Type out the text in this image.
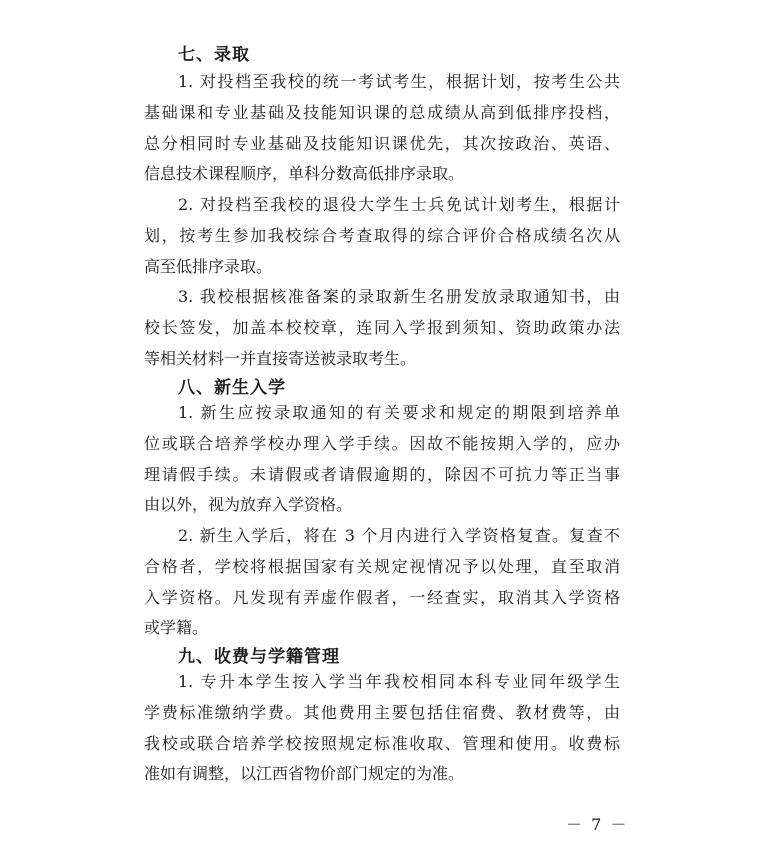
七、录取

1. 对投档至我校的统一考试考生，根据计划，按考生公共
基础课和专业基础及技能知识课的总成绩从高到低排序投档，
总分相同时专业基础及技能知识课优先，其次按政治、英语、
信息技术课程顺序，单科分数高低排序录取。

2. 对投档至我校的退役大学生士兵免试计划考生，根据计
划，按考生参加我校综合考查取得的综合评价合格成绩名次从
高至低排序录取。

3. 我校根据核准备案的录取新生名册发放录取通知书，由
校长签发，加盖本校校章，连同入学报到须知、资助政策办法
等相关材料一并直接寄送被录取考生。

八、新生入学

1. 新生应按录取通知的有关要求和规定的期限到培养单
位或联合培养学校办理入学手续。因故不能按期入学的，应办
理请假手续。未请假或者请假逾期的，除因不可抗力等正当事
由以外，视为放弃入学资格。

2. 新生入学后，将在 3 个月内进行入学资格复查。复查不
合格者，学校将根据国家有关规定视情况予以处理，直至取消
入学资格。凡发现有弄虚作假者，一经查实，取消其入学资格
或学籍。

九、收费与学籍管理

1. 专升本学生按入学当年我校相同本科专业同年级学生
学费标准缴纳学费。其他费用主要包括住宿费、教材费等，由
我校或联合培养学校按照规定标准收取、管理和使用。收费标
准如有调整，以江西省物价部门规定的为准。

－ 7 －
